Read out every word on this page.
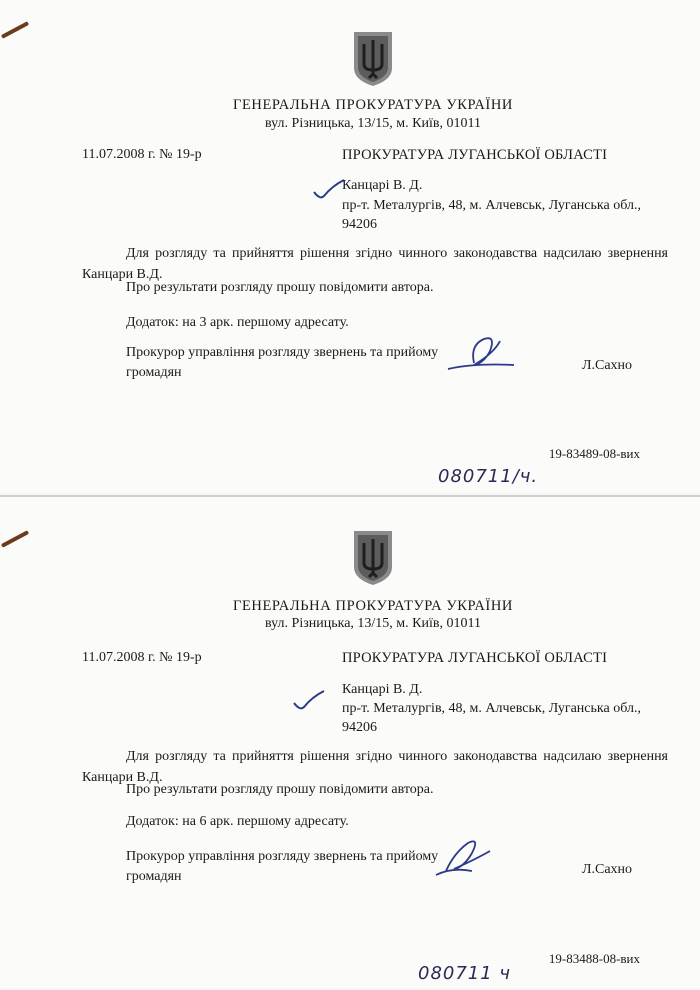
ГЕНЕРАЛЬНА ПРОКУРАТУРА УКРАЇНИ
вул. Різницька, 13/15, м. Київ, 01011
11.07.2008 г. № 19-р	ПРОКУРАТУРА ЛУГАНСЬКОЇ ОБЛАСТІ
Канцарі В. Д.
пр-т. Металургів, 48, м. Алчевськ, Луганська обл., 94206
Для розгляду та прийняття рішення згідно чинного законодавства надсилаю звернення Канцари В.Д.
Про результати розгляду прошу повідомити автора.
Додаток: на 3 арк. першому адресату.
Прокурор управління розгляду звернень та прийому громадян	Л.Сахно
19-83489-08-вих
080711/ч.
ГЕНЕРАЛЬНА ПРОКУРАТУРА УКРАЇНИ
вул. Різницька, 13/15, м. Київ, 01011
11.07.2008 г. № 19-р	ПРОКУРАТУРА ЛУГАНСЬКОЇ ОБЛАСТІ
Канцарі В. Д.
пр-т. Металургів, 48, м. Алчевськ, Луганська обл., 94206
Для розгляду та прийняття рішення згідно чинного законодавства надсилаю звернення Канцари В.Д.
Про результати розгляду прошу повідомити автора.
Додаток: на 6 арк. першому адресату.
Прокурор управління розгляду звернень та прийому громадян	Л.Сахно
19-83488-08-вих
080711 ч
